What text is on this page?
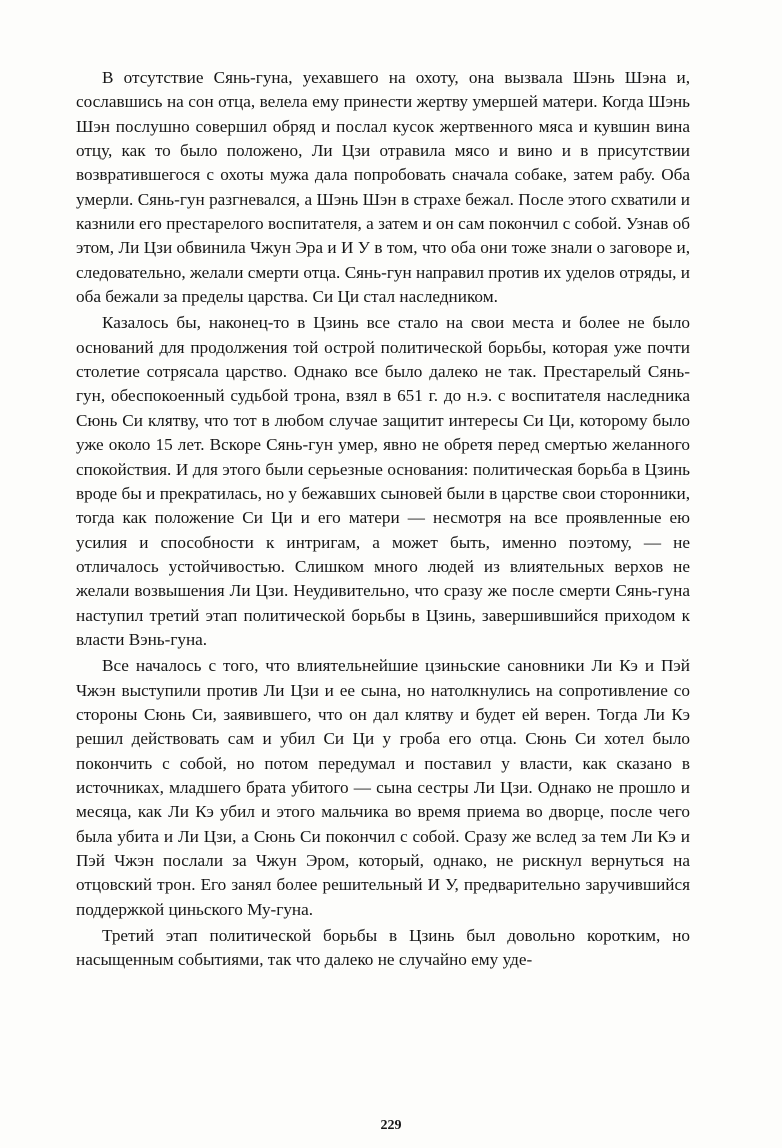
В отсутствие Сянь-гуна, уехавшего на охоту, она вызвала Шэнь Шэна и, сославшись на сон отца, велела ему принести жертву умершей матери. Когда Шэнь Шэн послушно совершил обряд и послал кусок жертвенного мяса и кувшин вина отцу, как то было положено, Ли Цзи отравила мясо и вино и в присутствии возвратившегося с охоты мужа дала попробовать сначала собаке, затем рабу. Оба умерли. Сянь-гун разгневался, а Шэнь Шэн в страхе бежал. После этого схватили и казнили его престарелого воспитателя, а затем и он сам покончил с собой. Узнав об этом, Ли Цзи обвинила Чжун Эра и И У в том, что оба они тоже знали о заговоре и, следовательно, желали смерти отца. Сянь-гун направил против их уделов отряды, и оба бежали за пределы царства. Си Ци стал наследником.

Казалось бы, наконец-то в Цзинь все стало на свои места и более не было оснований для продолжения той острой политической борьбы, которая уже почти столетие сотрясала царство. Однако все было далеко не так. Престарелый Сянь-гун, обеспокоенный судьбой трона, взял в 651 г. до н.э. с воспитателя наследника Сюнь Си клятву, что тот в любом случае защитит интересы Си Ци, которому было уже около 15 лет. Вскоре Сянь-гун умер, явно не обретя перед смертью желанного спокойствия. И для этого были серьезные основания: политическая борьба в Цзинь вроде бы и прекратилась, но у бежавших сыновей были в царстве свои сторонники, тогда как положение Си Ци и его матери — несмотря на все проявленные ею усилия и способности к интригам, а может быть, именно поэтому, — не отличалось устойчивостью. Слишком много людей из влиятельных верхов не желали возвышения Ли Цзи. Неудивительно, что сразу же после смерти Сянь-гуна наступил третий этап политической борьбы в Цзинь, завершившийся приходом к власти Вэнь-гуна.

Все началось с того, что влиятельнейшие цзиньские сановники Ли Кэ и Пэй Чжэн выступили против Ли Цзи и ее сына, но натолкнулись на сопротивление со стороны Сюнь Си, заявившего, что он дал клятву и будет ей верен. Тогда Ли Кэ решил действовать сам и убил Си Ци у гроба его отца. Сюнь Си хотел было покончить с собой, но потом передумал и поставил у власти, как сказано в источниках, младшего брата убитого — сына сестры Ли Цзи. Однако не прошло и месяца, как Ли Кэ убил и этого мальчика во время приема во дворце, после чего была убита и Ли Цзи, а Сюнь Си покончил с собой. Сразу же вслед за тем Ли Кэ и Пэй Чжэн послали за Чжун Эром, который, однако, не рискнул вернуться на отцовский трон. Его занял более решительный И У, предварительно заручившийся поддержкой циньского Му-гуна.

Третий этап политической борьбы в Цзинь был довольно коротким, но насыщенным событиями, так что далеко не случайно ему уде-

229
